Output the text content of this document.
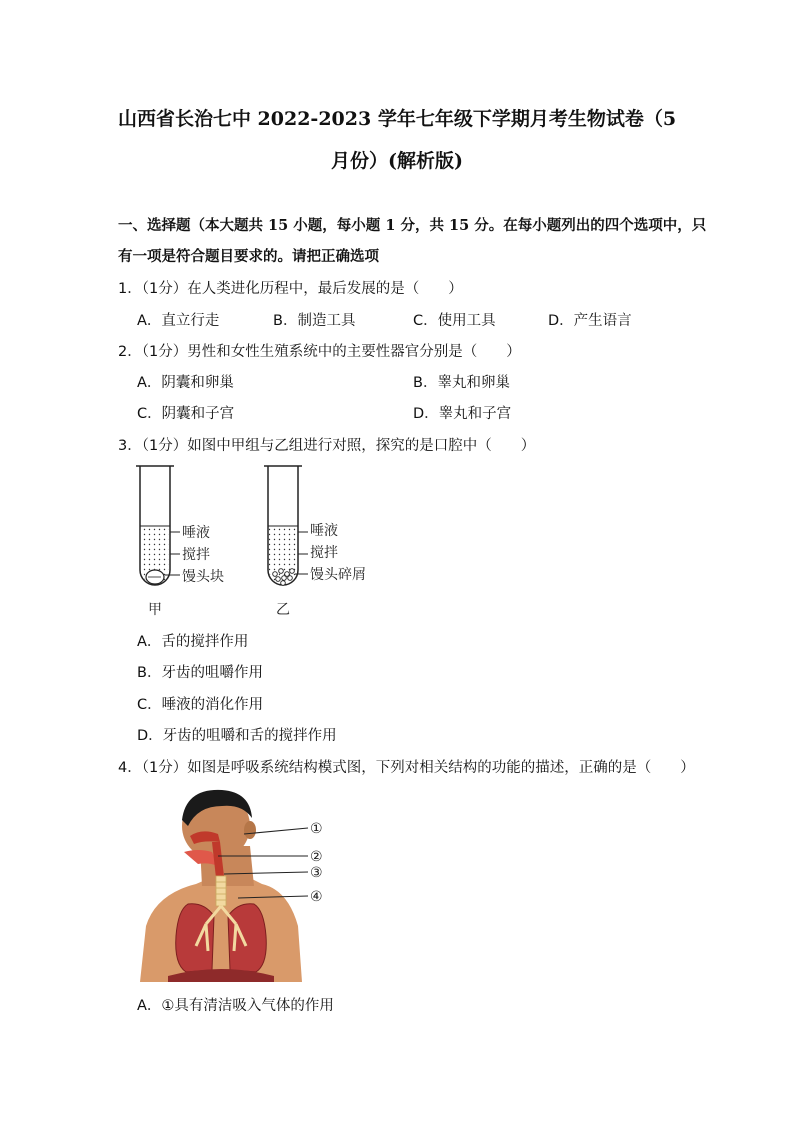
山西省长治七中 2022-2023 学年七年级下学期月考生物试卷（5
月份）(解析版)
一、选择题（本大题共 15 小题，每小题 1 分，共 15 分。在每小题列出的四个选项中，只
有一项是符合题目要求的。请把正确选项
1．（1分）在人类进化历程中，最后发展的是（　　）
A．直立行走	B．制造工具	C．使用工具	D．产生语言
2．（1分）男性和女性生殖系统中的主要性器官分别是（　　）
A．阴囊和卵巢	B．睾丸和卵巢
C．阴囊和子宫	D．睾丸和子宫
3．（1分）如图中甲组与乙组进行对照，探究的是口腔中（　　）
唾液
搅拌
馒头块
甲
唾液
搅拌
馒头碎屑
乙
A．舌的搅拌作用
B．牙齿的咀嚼作用
C．唾液的消化作用
D．牙齿的咀嚼和舌的搅拌作用
4．（1分）如图是呼吸系统结构模式图，下列对相关结构的功能的描述，正确的是（　　）
①
②
③
④
A．①具有清洁吸入气体的作用
